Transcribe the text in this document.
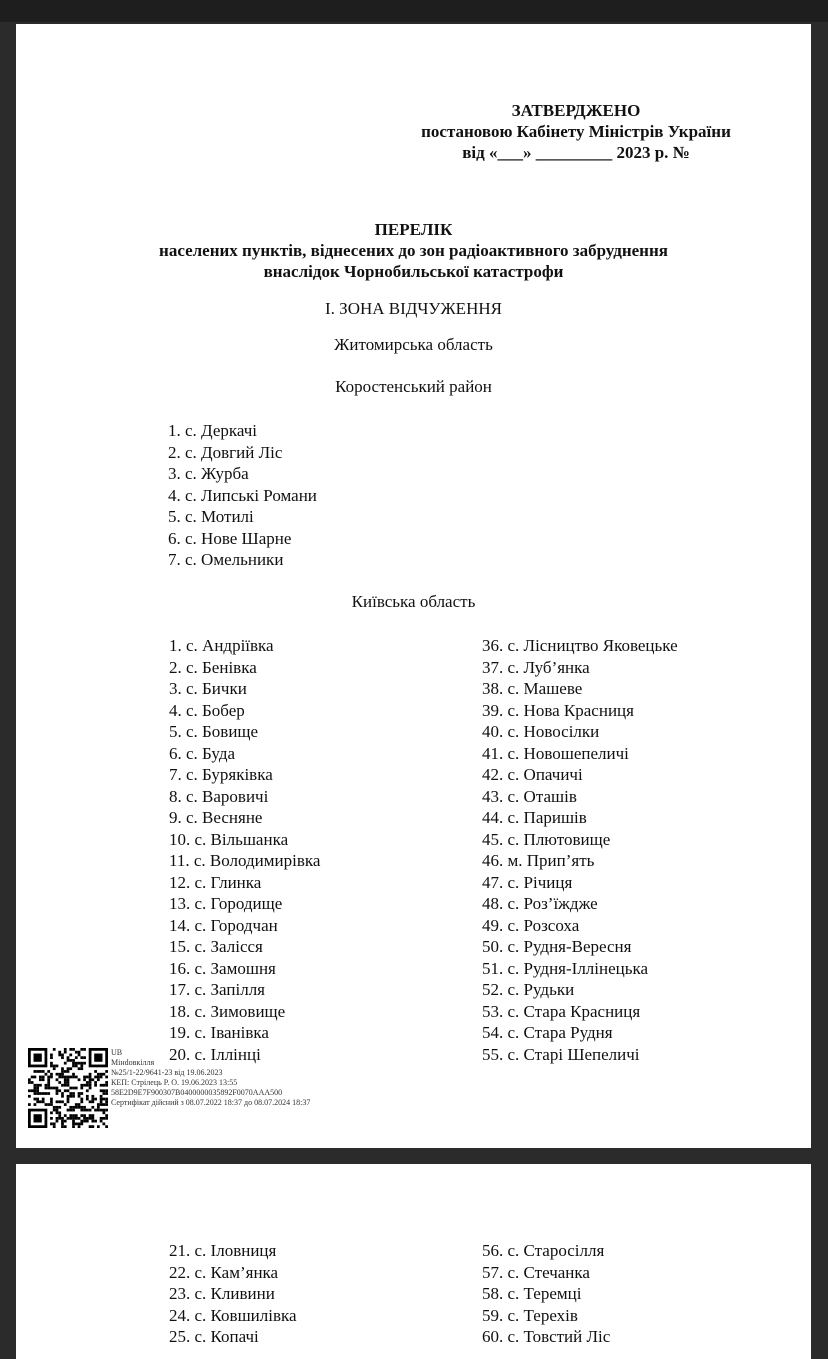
ЗАТВЕРДЖЕНО
постановою Кабінету Міністрів України
від «___» _________ 2023 р. №
ПЕРЕЛІК
населених пунктів, віднесених до зон радіоактивного забруднення
внаслідок Чорнобильської катастрофи
І. ЗОНА ВІДЧУЖЕННЯ
Житомирська область
Коростенський район
1. с. Деркачі
2. с. Довгий Ліс
3. с. Журба
4. с. Липські Романи
5. с. Мотилі
6. с. Нове Шарне
7. с. Омельники
Київська область
1. с. Андріївка
2. с. Бенівка
3. с. Бички
4. с. Бобер
5. с. Бовище
6. с. Буда
7. с. Буряківка
8. с. Варовичі
9. с. Весняне
10. с. Вільшанка
11. с. Володимирівка
12. с. Глинка
13. с. Городище
14. с. Городчан
15. с. Залісся
16. с. Замошня
17. с. Запілля
18. с. Зимовище
19. с. Іванівка
20. с. Іллінці
36. с. Лісництво Яковецьке
37. с. Луб’янка
38. с. Машеве
39. с. Нова Красниця
40. с. Новосілки
41. с. Новошепеличі
42. с. Опачичі
43. с. Оташів
44. с. Паришів
45. с. Плютовище
46. м. Прип’ять
47. с. Річиця
48. с. Роз’їждже
49. с. Розсоха
50. с. Рудня-Вересня
51. с. Рудня-Іллінецька
52. с. Рудьки
53. с. Стара Красниця
54. с. Стара Рудня
55. с. Старі Шепеличі
UB
Мінdовкілля
№25/1-22/9641-23 від 19.06.2023
КЕП: Стрілець Р. О. 19.06.2023 13:55
58E2D9E7F900307B0400000035892F0070AAA500
Сертифікат дійсний з 08.07.2022 18:37 до 08.07.2024 18:37
21. с. Іловниця
22. с. Кам’янка
23. с. Кливини
24. с. Ковшилівка
25. с. Копачі
56. с. Старосілля
57. с. Стечанка
58. с. Теремці
59. с. Терехів
60. с. Товстий Ліс
